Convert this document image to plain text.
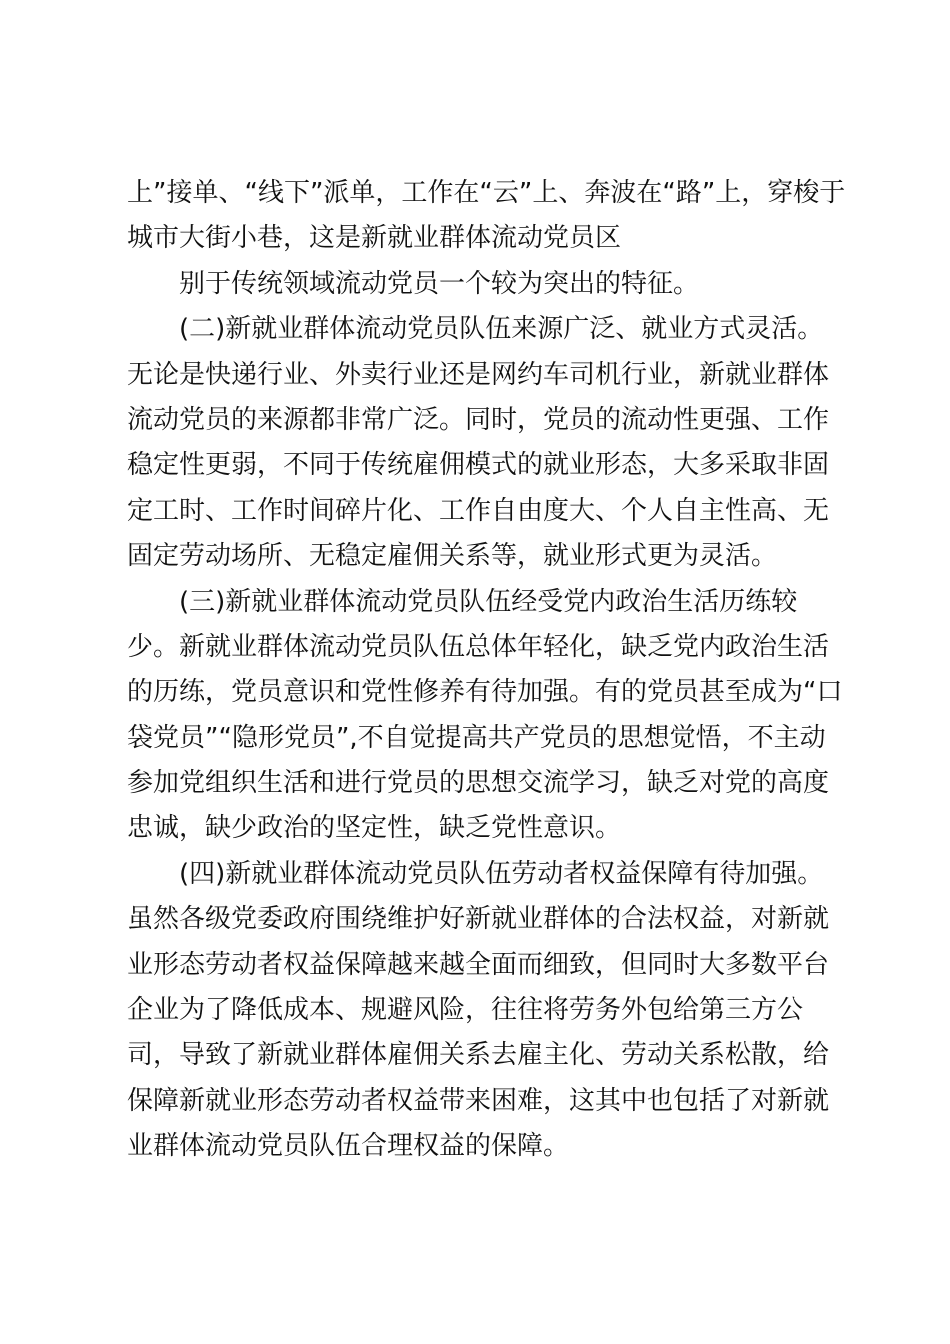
上”接单、“线下”派单，工作在“云”上、奔波在“路”上，穿梭于
城市大街小巷，这是新就业群体流动党员区
别于传统领域流动党员一个较为突出的特征。
(二)新就业群体流动党员队伍来源广泛、就业方式灵活。
无论是快递行业、外卖行业还是网约车司机行业，新就业群体
流动党员的来源都非常广泛。同时，党员的流动性更强、工作
稳定性更弱，不同于传统雇佣模式的就业形态，大多采取非固
定工时、工作时间碎片化、工作自由度大、个人自主性高、无
固定劳动场所、无稳定雇佣关系等，就业形式更为灵活。
(三)新就业群体流动党员队伍经受党内政治生活历练较
少。新就业群体流动党员队伍总体年轻化，缺乏党内政治生活
的历练，党员意识和党性修养有待加强。有的党员甚至成为“口
袋党员”“隐形党员”,不自觉提高共产党员的思想觉悟，不主动
参加党组织生活和进行党员的思想交流学习，缺乏对党的高度
忠诚，缺少政治的坚定性，缺乏党性意识。
(四)新就业群体流动党员队伍劳动者权益保障有待加强。
虽然各级党委政府围绕维护好新就业群体的合法权益，对新就
业形态劳动者权益保障越来越全面而细致，但同时大多数平台
企业为了降低成本、规避风险，往往将劳务外包给第三方公
司，导致了新就业群体雇佣关系去雇主化、劳动关系松散，给
保障新就业形态劳动者权益带来困难，这其中也包括了对新就
业群体流动党员队伍合理权益的保障。
